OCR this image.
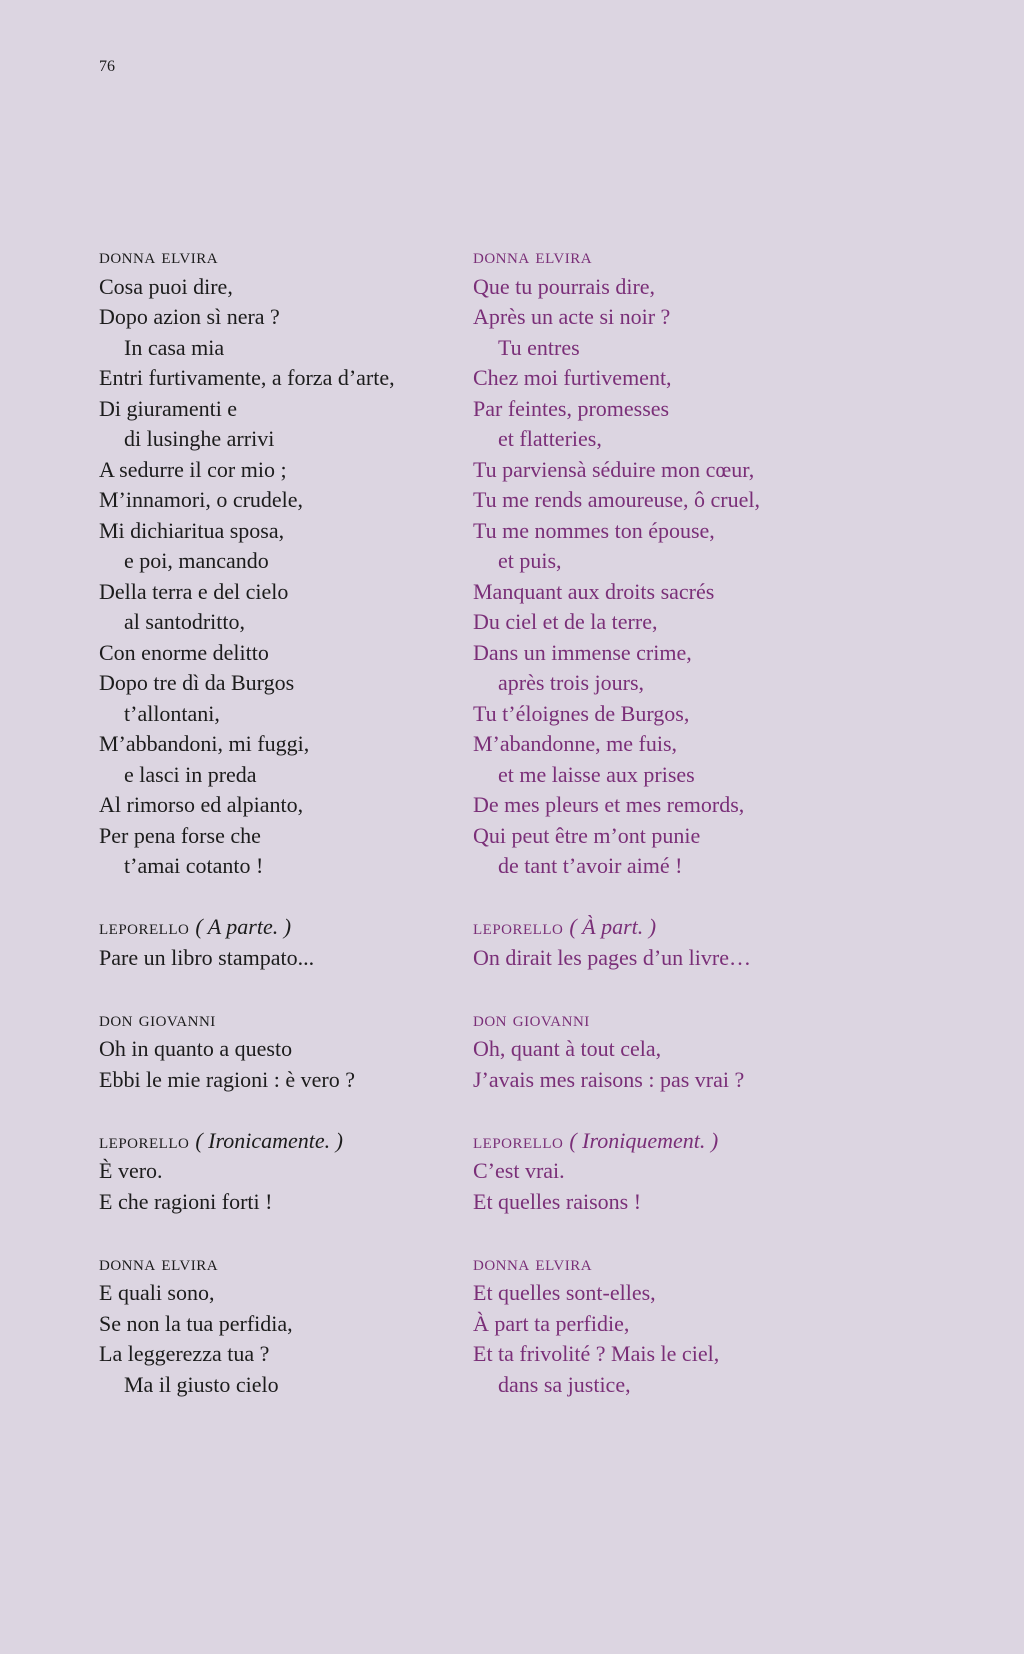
76
donna elvira
Cosa puoi dire,
Dopo azion sì nera ?
In casa mia
Entri furtivamente, a forza d’arte,
Di giuramenti e
di lusinghe arrivi
A sedurre il cor mio ;
M’innamori, o crudele,
Mi dichiaritua sposa,
e poi, mancando
Della terra e del cielo
al santodritto,
Con enorme delitto
Dopo tre dì da Burgos
t’allontani,
M’abbandoni, mi fuggi,
e lasci in preda
Al rimorso ed alpianto,
Per pena forse che
t’amai cotanto !
leporello ( A parte. )
Pare un libro stampato...
don giovanni
Oh in quanto a questo
Ebbi le mie ragioni : è vero ?
leporello ( Ironicamente. )
È vero.
E che ragioni forti !
donna elvira
E quali sono,
Se non la tua perfidia,
La leggerezza tua ?
Ma il giusto cielo
donna elvira
Que tu pourrais dire,
Après un acte si noir ?
Tu entres
Chez moi furtivement,
Par feintes, promesses
et flatteries,
Tu parviensà séduire mon cœur,
Tu me rends amoureuse, ô cruel,
Tu me nommes ton épouse,
et puis,
Manquant aux droits sacrés
Du ciel et de la terre,
Dans un immense crime,
après trois jours,
Tu t’éloignes de Burgos,
M’abandonne, me fuis,
et me laisse aux prises
De mes pleurs et mes remords,
Qui peut être m’ont punie
de tant t’avoir aimé !
leporello ( À part. )
On dirait les pages d’un livre…
don giovanni
Oh, quant à tout cela,
J’avais mes raisons : pas vrai ?
leporello ( Ironiquement. )
C’est vrai.
Et quelles raisons !
donna elvira
Et quelles sont-elles,
À part ta perfidie,
Et ta frivolité ? Mais le ciel,
dans sa justice,
